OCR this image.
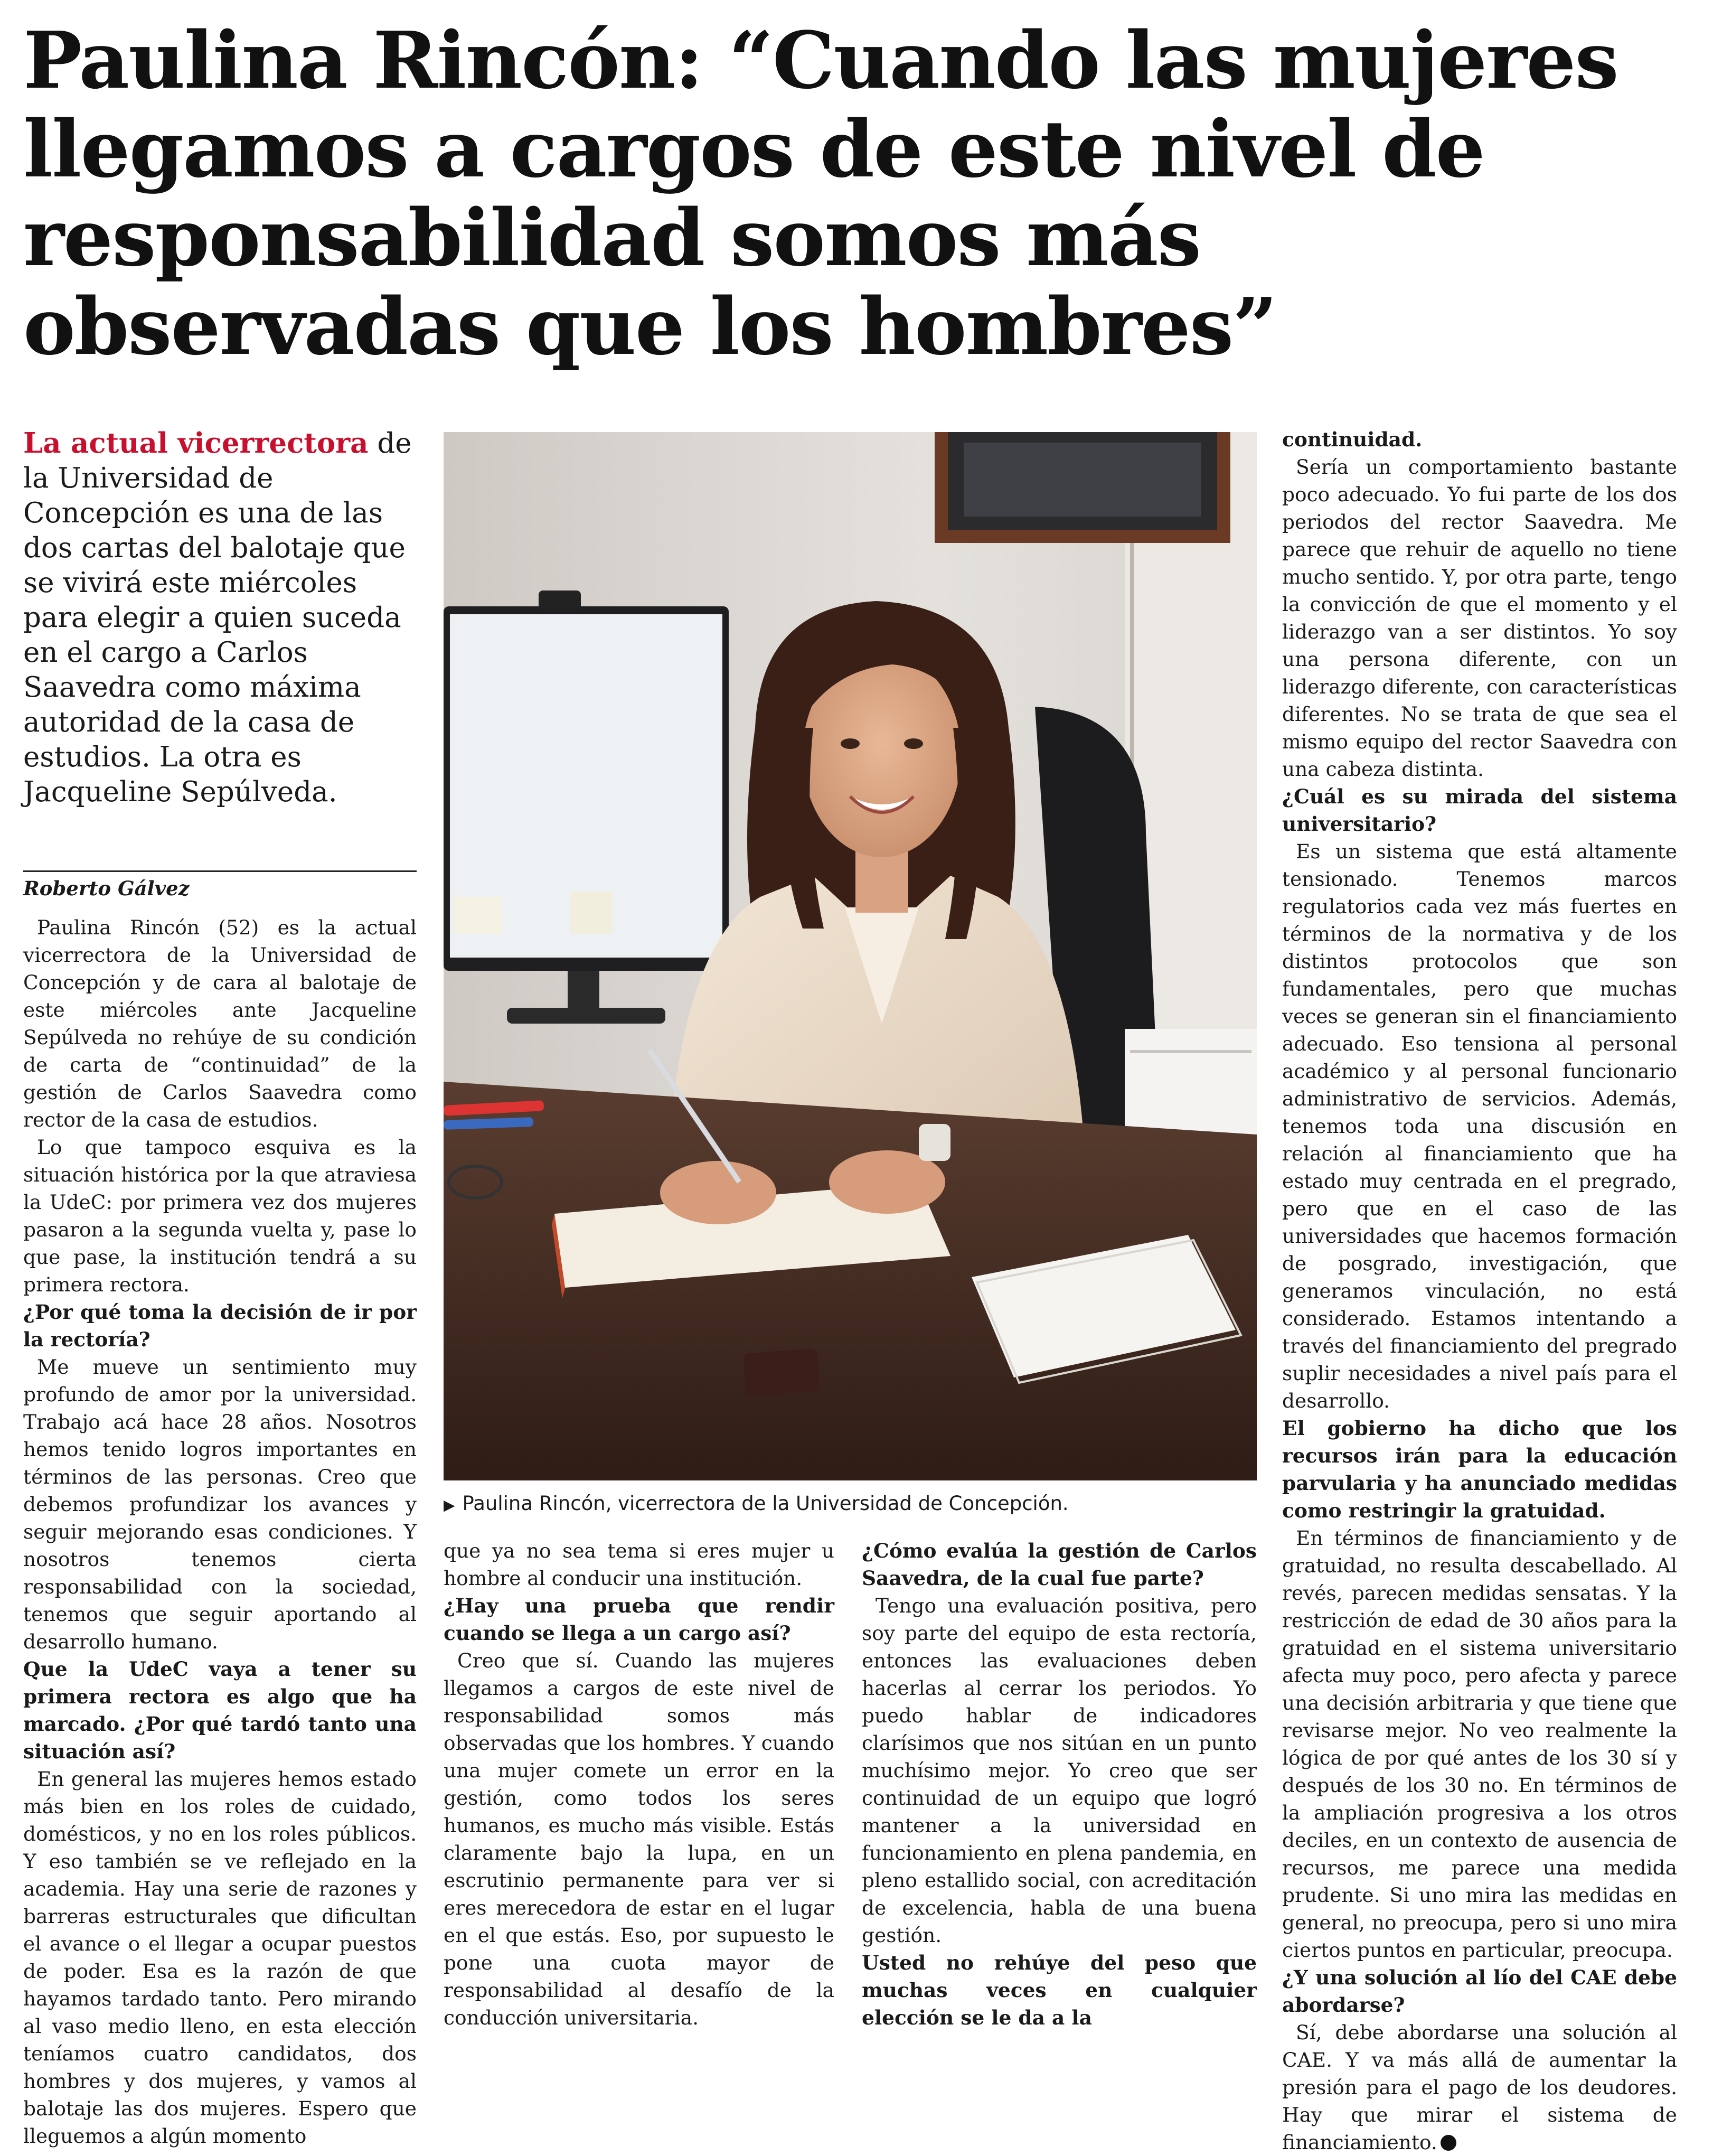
Paulina Rincón: “Cuando las mujeres llegamos a cargos de este nivel de responsabilidad somos más observadas que los hombres”

La actual vicerrectora de la Universidad de Concepción es una de las dos cartas del balotaje que se vivirá este miércoles para elegir a quien suceda en el cargo a Carlos Saavedra como máxima autoridad de la casa de estudios. La otra es Jacqueline Sepúlveda.

Roberto Gálvez

Paulina Rincón (52) es la actual vicerrectora de la Universidad de Concepción y de cara al balotaje de este miércoles ante Jacqueline Sepúlveda no rehúye de su condición de carta de “continuidad” de la gestión de Carlos Saavedra como rector de la casa de estudios.

Lo que tampoco esquiva es la situación histórica por la que atraviesa la UdeC: por primera vez dos mujeres pasaron a la segunda vuelta y, pase lo que pase, la institución tendrá a su primera rectora.

¿Por qué toma la decisión de ir por la rectoría?

Me mueve un sentimiento muy profundo de amor por la universidad. Trabajo acá hace 28 años. Nosotros hemos tenido logros importantes en términos de las personas. Creo que debemos profundizar los avances y seguir mejorando esas condiciones. Y nosotros tenemos cierta responsabilidad con la sociedad, tenemos que seguir aportando al desarrollo humano.

Que la UdeC vaya a tener su primera rectora es algo que ha marcado. ¿Por qué tardó tanto una situación así?

En general las mujeres hemos estado más bien en los roles de cuidado, domésticos, y no en los roles públicos. Y eso también se ve reflejado en la academia. Hay una serie de razones y barreras estructurales que dificultan el avance o el llegar a ocupar puestos de poder. Esa es la razón de que hayamos tardado tanto. Pero mirando al vaso medio lleno, en esta elección teníamos cuatro candidatos, dos hombres y dos mujeres, y vamos al balotaje las dos mujeres. Espero que lleguemos a algún momento

▶ Paulina Rincón, vicerrectora de la Universidad de Concepción.

que ya no sea tema si eres mujer u hombre al conducir una institución.

¿Hay una prueba que rendir cuando se llega a un cargo así?

Creo que sí. Cuando las mujeres llegamos a cargos de este nivel de responsabilidad somos más observadas que los hombres. Y cuando una mujer comete un error en la gestión, como todos los seres humanos, es mucho más visible. Estás claramente bajo la lupa, en un escrutinio permanente para ver si eres merecedora de estar en el lugar en el que estás. Eso, por supuesto le pone una cuota mayor de responsabilidad al desafío de la conducción universitaria.

¿Cómo evalúa la gestión de Carlos Saavedra, de la cual fue parte?

Tengo una evaluación positiva, pero soy parte del equipo de esta rectoría, entonces las evaluaciones deben hacerlas al cerrar los periodos. Yo puedo hablar de indicadores clarísimos que nos sitúan en un punto muchísimo mejor. Yo creo que ser continuidad de un equipo que logró mantener a la universidad en funcionamiento en plena pandemia, en pleno estallido social, con acreditación de excelencia, habla de una buena gestión.

Usted no rehúye del peso que muchas veces en cualquier elección se le da a la

continuidad.

Sería un comportamiento bastante poco adecuado. Yo fui parte de los dos periodos del rector Saavedra. Me parece que rehuir de aquello no tiene mucho sentido. Y, por otra parte, tengo la convicción de que el momento y el liderazgo van a ser distintos. Yo soy una persona diferente, con un liderazgo diferente, con características diferentes. No se trata de que sea el mismo equipo del rector Saavedra con una cabeza distinta.

¿Cuál es su mirada del sistema universitario?

Es un sistema que está altamente tensionado. Tenemos marcos regulatorios cada vez más fuertes en términos de la normativa y de los distintos protocolos que son fundamentales, pero que muchas veces se generan sin el financiamiento adecuado. Eso tensiona al personal académico y al personal funcionario administrativo de servicios. Además, tenemos toda una discusión en relación al financiamiento que ha estado muy centrada en el pregrado, pero que en el caso de las universidades que hacemos formación de posgrado, investigación, que generamos vinculación, no está considerado. Estamos intentando a través del financiamiento del pregrado suplir necesidades a nivel país para el desarrollo.

El gobierno ha dicho que los recursos irán para la educación parvularia y ha anunciado medidas como restringir la gratuidad.

En términos de financiamiento y de gratuidad, no resulta descabellado. Al revés, parecen medidas sensatas. Y la restricción de edad de 30 años para la gratuidad en el sistema universitario afecta muy poco, pero afecta y parece una decisión arbitraria y que tiene que revisarse mejor. No veo realmente la lógica de por qué antes de los 30 sí y después de los 30 no. En términos de la ampliación progresiva a los otros deciles, en un contexto de ausencia de recursos, me parece una medida prudente. Si uno mira las medidas en general, no preocupa, pero si uno mira ciertos puntos en particular, preocupa.

¿Y una solución al lío del CAE debe abordarse?

Sí, debe abordarse una solución al CAE. Y va más allá de aumentar la presión para el pago de los deudores. Hay que mirar el sistema de financiamiento.
